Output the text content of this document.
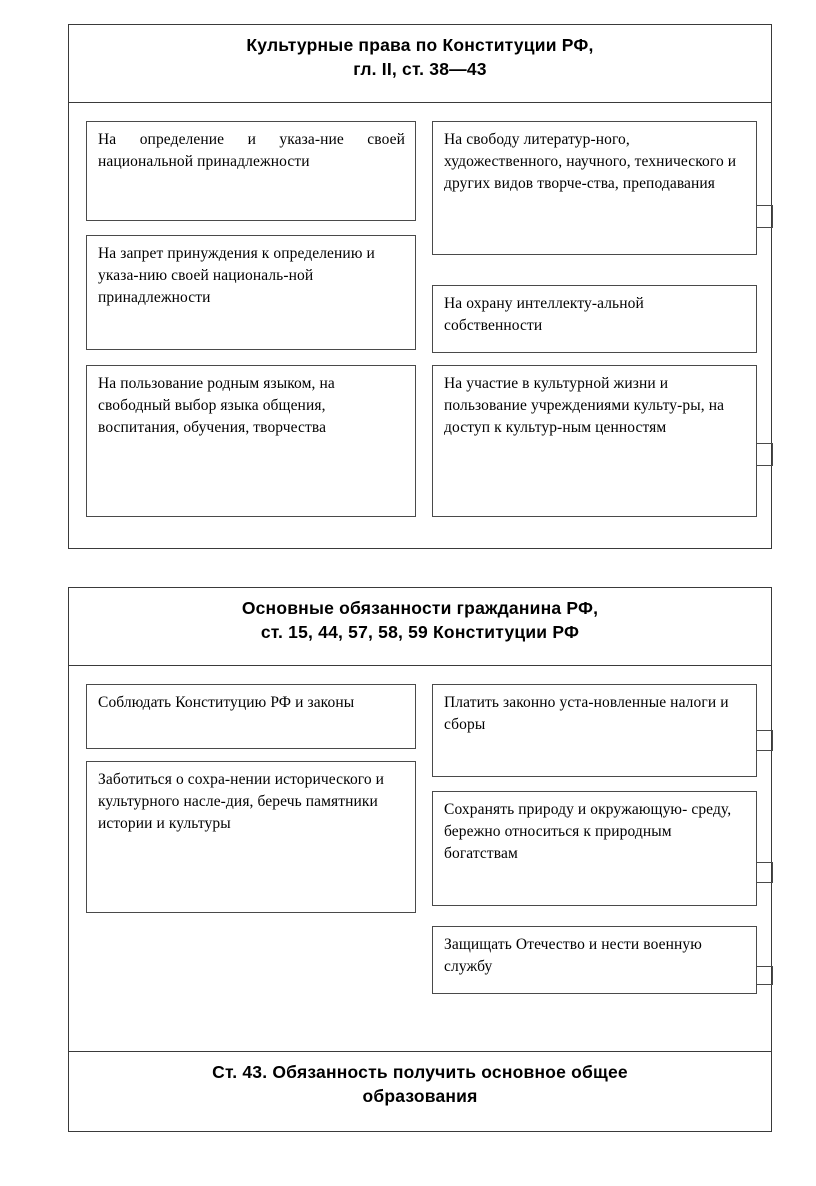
Культурные права по Конституции РФ,
гл. II, ст. 38—43
На определение и указа-ние своей национальной принадлежности
На запрет принуждения к определению и указа-нию своей националь-ной принадлежности
На пользование родным языком, на свободный выбор языка общения, воспитания, обучения, творчества
На свободу литератур-ного, художественного, научного, технического и других видов творче-ства, преподавания
На охрану интеллекту-альной собственности
На участие в культурной жизни и пользование учреждениями культу-ры, на доступ к культур-ным ценностям
Основные обязанности гражданина РФ,
ст. 15, 44, 57, 58, 59 Конституции РФ
Соблюдать Конституцию РФ и законы
Заботиться о сохра-нении исторического и культурного насле-дия, беречь памятники истории и культуры
Платить законно уста-новленные налоги и сборы
Сохранять природу и окружающую- среду, бережно относиться к природным богатствам
Защищать Отечество и нести военную службу
Ст. 43. Обязанность получить основное общее
образования
